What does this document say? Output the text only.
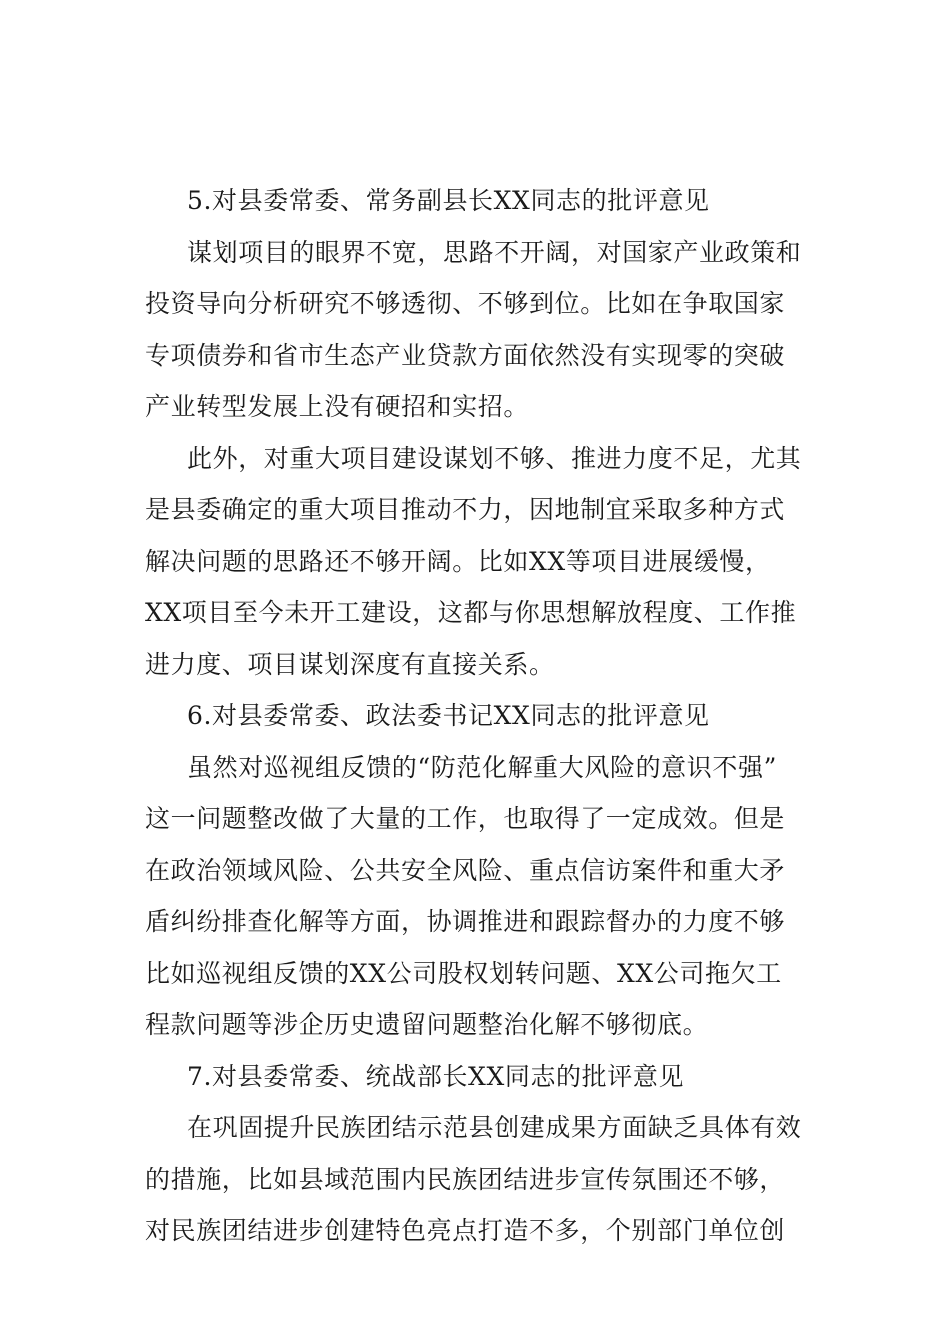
5.对县委常委、常务副县长XX同志的批评意见
谋划项目的眼界不宽，思路不开阔，对国家产业政策和
投资导向分析研究不够透彻、不够到位。比如在争取国家
专项债券和省市生态产业贷款方面依然没有实现零的突破
产业转型发展上没有硬招和实招。
此外，对重大项目建设谋划不够、推进力度不足，尤其
是县委确定的重大项目推动不力，因地制宜采取多种方式
解决问题的思路还不够开阔。比如XX等项目进展缓慢，
XX项目至今未开工建设，这都与你思想解放程度、工作推
进力度、项目谋划深度有直接关系。
6.对县委常委、政法委书记XX同志的批评意见
虽然对巡视组反馈的“防范化解重大风险的意识不强”
这一问题整改做了大量的工作，也取得了一定成效。但是
在政治领域风险、公共安全风险、重点信访案件和重大矛
盾纠纷排查化解等方面，协调推进和跟踪督办的力度不够
比如巡视组反馈的XX公司股权划转问题、XX公司拖欠工
程款问题等涉企历史遗留问题整治化解不够彻底。
7.对县委常委、统战部长XX同志的批评意见
在巩固提升民族团结示范县创建成果方面缺乏具体有效
的措施，比如县域范围内民族团结进步宣传氛围还不够，
对民族团结进步创建特色亮点打造不多，个别部门单位创
